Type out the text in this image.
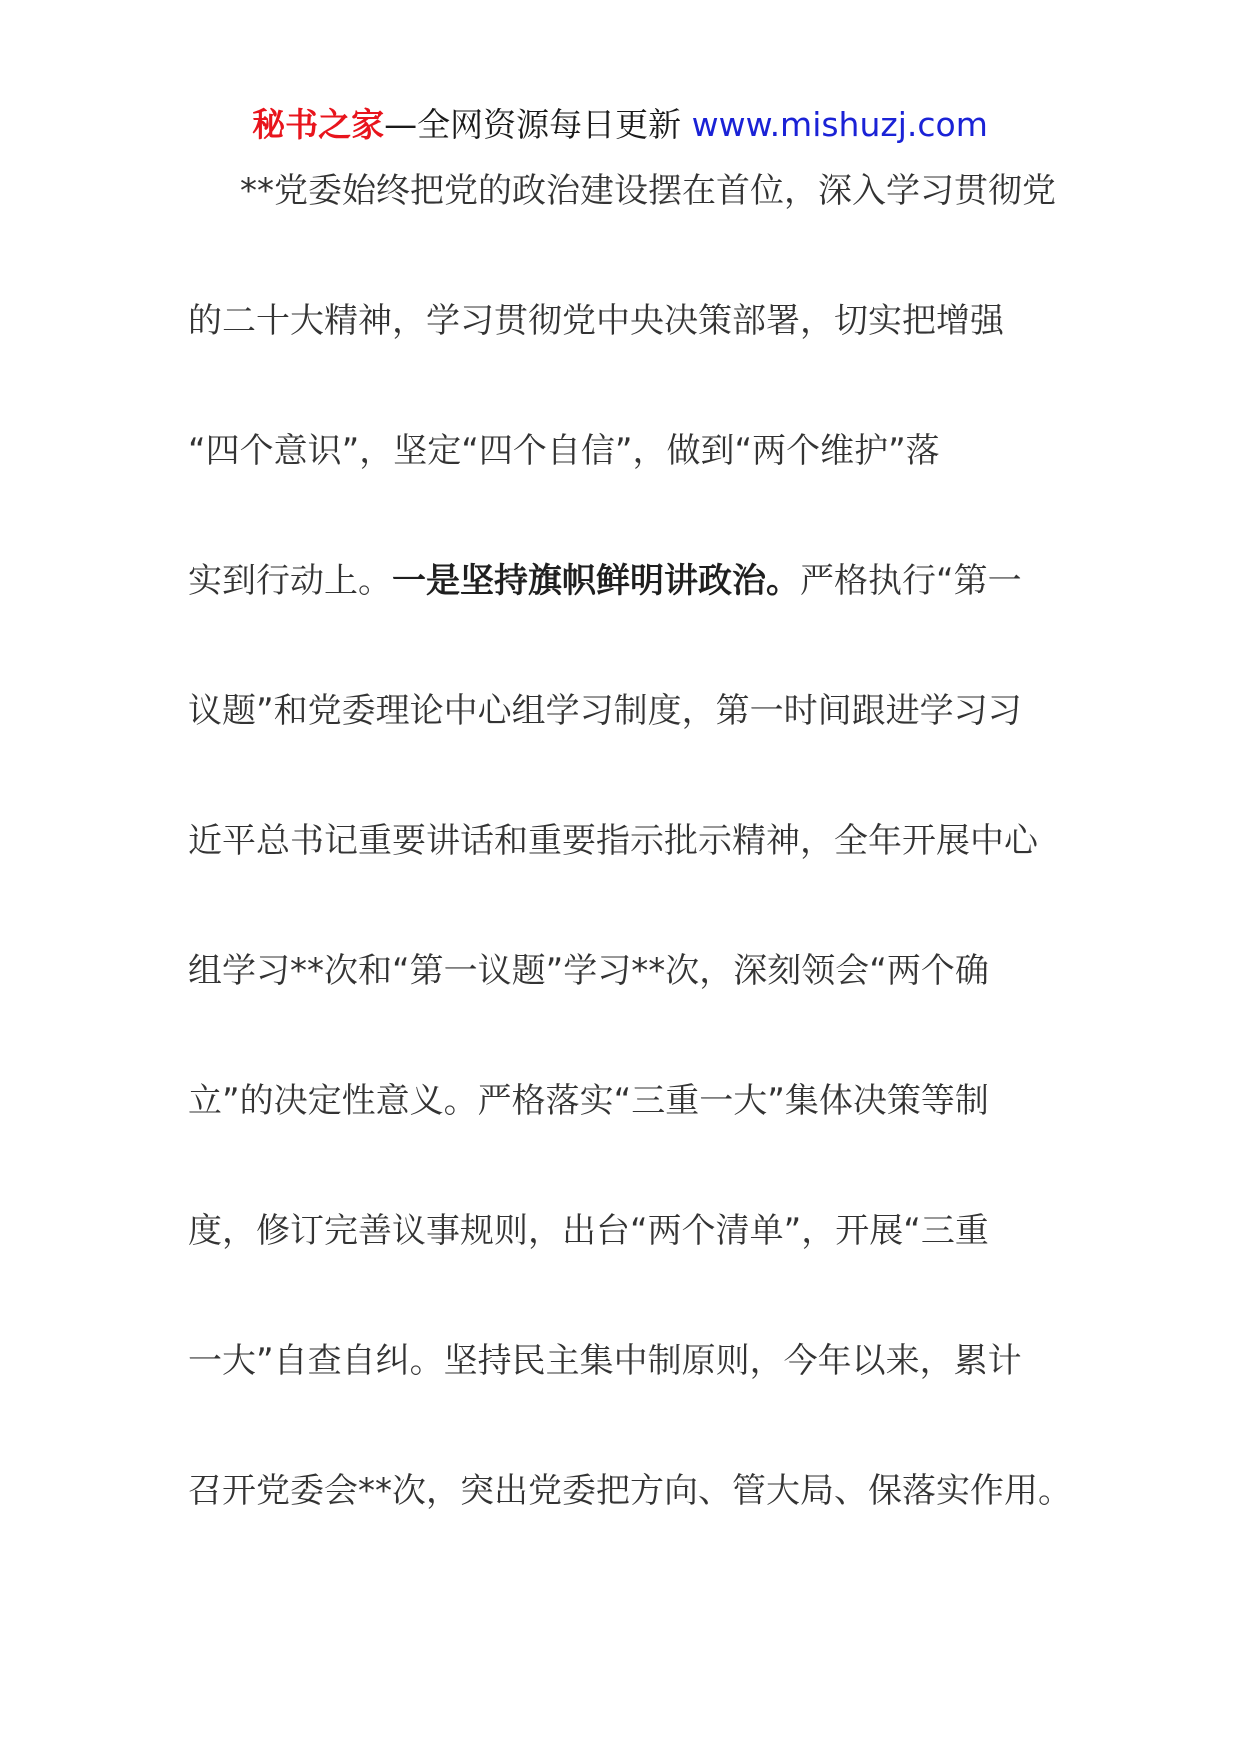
秘书之家—全网资源每日更新 www.mishuzj.com
**党委始终把党的政治建设摆在首位，深入学习贯彻党
的二十大精神，学习贯彻党中央决策部署，切实把增强
“四个意识”，坚定“四个自信”，做到“两个维护”落
实到行动上。一是坚持旗帜鲜明讲政治。严格执行“第一
议题”和党委理论中心组学习制度，第一时间跟进学习习
近平总书记重要讲话和重要指示批示精神，全年开展中心
组学习**次和“第一议题”学习**次，深刻领会“两个确
立”的决定性意义。严格落实“三重一大”集体决策等制
度，修订完善议事规则，出台“两个清单”，开展“三重
一大”自查自纠。坚持民主集中制原则，今年以来，累计
召开党委会**次，突出党委把方向、管大局、保落实作用。
